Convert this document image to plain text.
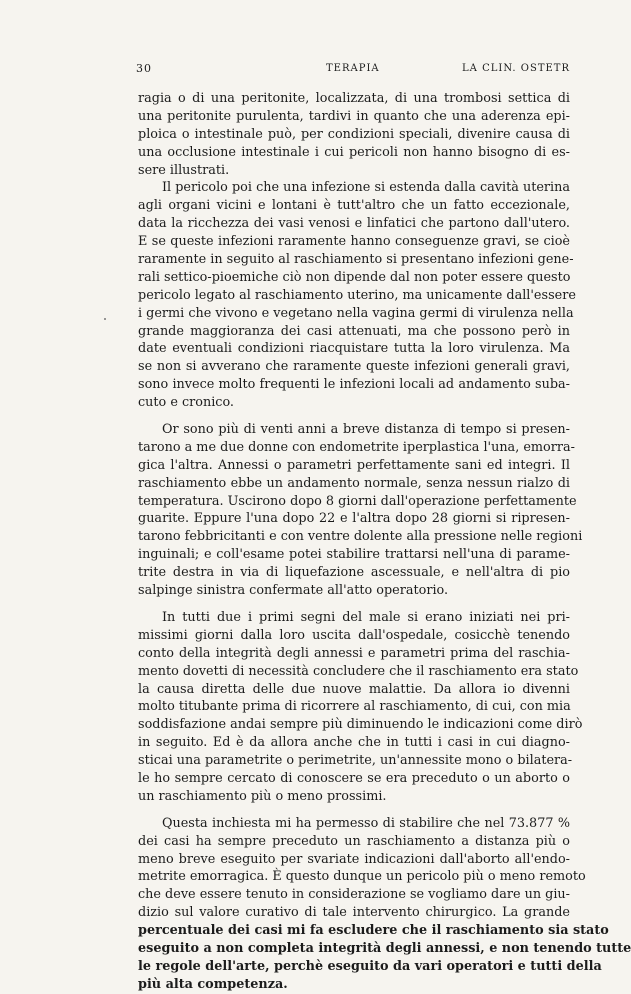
30	TERAPIA	LA CLIN. OSTETR
ragia o di una peritonite, localizzata, di una trombosi settica di
una peritonite purulenta, tardivi in quanto che una aderenza epi-
ploica o intestinale può, per condizioni speciali, divenire causa di
una occlusione intestinale i cui pericoli non hanno bisogno di es-
sere illustrati.
Il pericolo poi che una infezione si estenda dalla cavità uterina
agli organi vicini e lontani è tutt'altro che un fatto eccezionale,
data la ricchezza dei vasi venosi e linfatici che partono dall'utero.
E se queste infezioni raramente hanno conseguenze gravi, se cioè
raramente in seguito al raschiamento si presentano infezioni gene-
rali settico-pioemiche ciò non dipende dal non poter essere questo
pericolo legato al raschiamento uterino, ma unicamente dall'essere
i germi che vivono e vegetano nella vagina germi di virulenza nella
grande maggioranza dei casi attenuati, ma che possono però in
date eventuali condizioni riacquistare tutta la loro virulenza. Ma
se non si avverano che raramente queste infezioni generali gravi,
sono invece molto frequenti le infezioni locali ad andamento suba-
cuto e cronico.
Or sono più di venti anni a breve distanza di tempo si presen-
tarono a me due donne con endometrite iperplastica l'una, emorra-
gica l'altra. Annessi o parametri perfettamente sani ed integri. Il
raschiamento ebbe un andamento normale, senza nessun rialzo di
temperatura. Uscirono dopo 8 giorni dall'operazione perfettamente
guarite. Eppure l'una dopo 22 e l'altra dopo 28 giorni si ripresen-
tarono febbricitanti e con ventre dolente alla pressione nelle regioni
inguinali; e coll'esame potei stabilire trattarsi nell'una di parame-
trite destra in via di liquefazione ascessuale, e nell'altra di pio
salpinge sinistra confermate all'atto operatorio.
In tutti due i primi segni del male si erano iniziati nei pri-
missimi giorni dalla loro uscita dall'ospedale, cosicchè tenendo
conto della integrità degli annessi e parametri prima del raschia-
mento dovetti di necessità concludere che il raschiamento era stato
la causa diretta delle due nuove malattie. Da allora io divenni
molto titubante prima di ricorrere al raschiamento, di cui, con mia
soddisfazione andai sempre più diminuendo le indicazioni come dirò
in seguito. Ed è da allora anche che in tutti i casi in cui diagno-
sticai una parametrite o perimetrite, un'annessite mono o bilatera-
le ho sempre cercato di conoscere se era preceduto o un aborto o
un raschiamento più o meno prossimi.
Questa inchiesta mi ha permesso di stabilire che nel 73.877 %
dei casi ha sempre preceduto un raschiamento a distanza più o
meno breve eseguito per svariate indicazioni dall'aborto all'endo-
metrite emorragica. È questo dunque un pericolo più o meno remoto
che deve essere tenuto in considerazione se vogliamo dare un giu-
dizio sul valore curativo di tale intervento chirurgico. La grande
percentuale dei casi mi fa escludere che il raschiamento sia stato
eseguito a non completa integrità degli annessi, e non tenendo tutte
le regole dell'arte, perchè eseguito da vari operatori e tutti della
più alta competenza.
